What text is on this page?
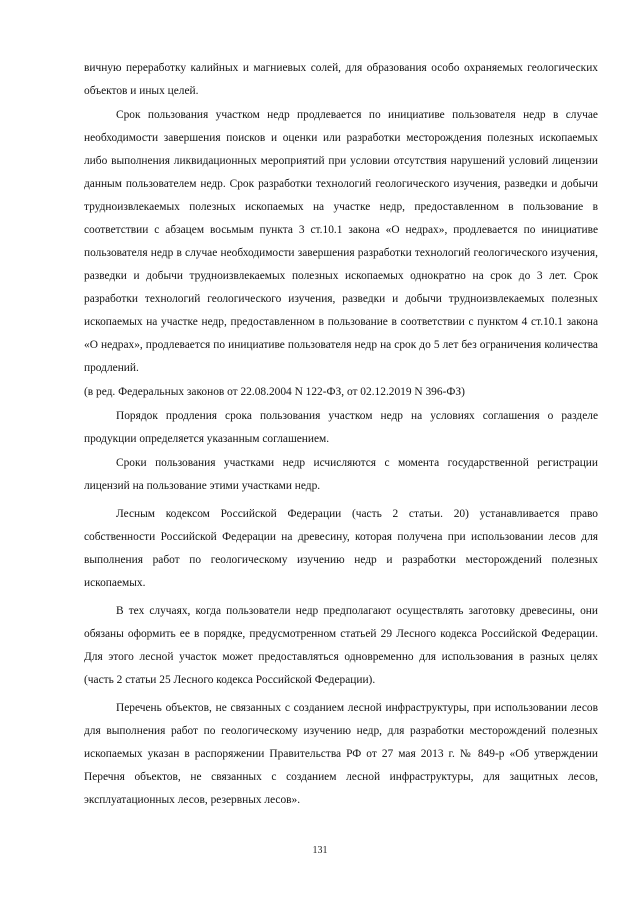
вичную переработку калийных и магниевых солей, для образования особо охраняемых геологических объектов и иных целей.

Срок пользования участком недр продлевается по инициативе пользователя недр в случае необходимости завершения поисков и оценки или разработки месторождения полезных ископаемых либо выполнения ликвидационных мероприятий при условии отсутствия нарушений условий лицензии данным пользователем недр. Срок разработки технологий геологического изучения, разведки и добычи трудноизвлекаемых полезных ископаемых на участке недр, предоставленном в пользование в соответствии с абзацем восьмым пункта 3 ст.10.1 закона «О недрах», продлевается по инициативе пользователя недр в случае необходимости завершения разработки технологий геологического изучения, разведки и добычи трудноизвлекаемых полезных ископаемых однократно на срок до 3 лет. Срок разработки технологий геологического изучения, разведки и добычи трудноизвлекаемых полезных ископаемых на участке недр, предоставленном в пользование в соответствии с пунктом 4 ст.10.1 закона «О недрах», продлевается по инициативе пользователя недр на срок до 5 лет без ограничения количества продлений.

(в ред. Федеральных законов от 22.08.2004 N 122-ФЗ, от 02.12.2019 N 396-ФЗ)

Порядок продления срока пользования участком недр на условиях соглашения о разделе продукции определяется указанным соглашением.

Сроки пользования участками недр исчисляются с момента государственной регистрации лицензий на пользование этими участками недр.

Лесным кодексом Российской Федерации (часть 2 статьи. 20) устанавливается право собственности Российской Федерации на древесину, которая получена при использовании лесов для выполнения работ по геологическому изучению недр и разработки месторождений полезных ископаемых.

В тех случаях, когда пользователи недр предполагают осуществлять заготовку древесины, они обязаны оформить ее в порядке, предусмотренном статьей 29 Лесного кодекса Российской Федерации. Для этого лесной участок может предоставляться одновременно для использования в разных целях (часть 2 статьи 25 Лесного кодекса Российской Федерации).

Перечень объектов, не связанных с созданием лесной инфраструктуры, при использовании лесов для выполнения работ по геологическому изучению недр, для разработки месторождений полезных ископаемых указан в распоряжении Правительства РФ от 27 мая 2013 г. № 849-р «Об утверждении Перечня объектов, не связанных с созданием лесной инфраструктуры, для защитных лесов, эксплуатационных лесов, резервных лесов».

131
